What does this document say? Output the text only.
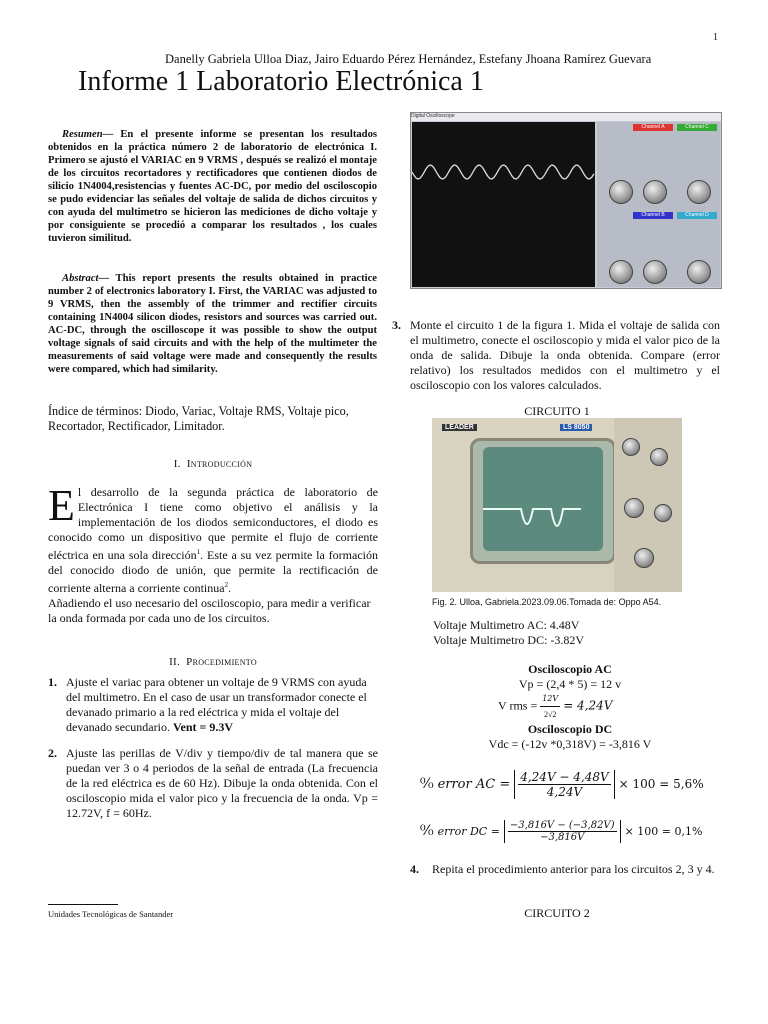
1
Danelly Gabriela Ulloa Diaz, Jairo Eduardo Pérez Hernández, Estefany Jhoana Ramírez Guevara
Informe 1 Laboratorio Electrónica 1
Resumen— En el presente informe se presentan los resultados obtenidos en la práctica número 2 de laboratorio de electrónica I. Primero se ajustó el VARIAC en 9 VRMS , después se realizó el montaje de los circuitos recortadores y rectificadores que contienen diodos de silicio 1N4004,resistencias y fuentes AC-DC, por medio del osciloscopio se pudo evidenciar las señales del voltaje de salida de dichos circuitos y con ayuda del multimetro se hicieron las mediciones de dicho voltaje y por consiguiente se procedió a comparar los resultados , los cuales tuvieron similitud.
Abstract— This report presents the results obtained in practice number 2 of electronics laboratory I. First, the VARIAC was adjusted to 9 VRMS, then the assembly of the trimmer and rectifier circuits containing 1N4004 silicon diodes, resistors and sources was carried out. AC-DC, through the oscilloscope it was possible to show the output voltage signals of said circuits and with the help of the multimeter the measurements of said voltage were made and consequently the results were compared, which had similarity.
Índice de términos: Diodo, Variac, Voltaje RMS, Voltaje pico, Recortador, Rectificador, Limitador.
I. Introducción
El desarrollo de la segunda práctica de laboratorio de Electrónica I tiene como objetivo el análisis y la implementación de los diodos semiconductores, el diodo es conocido como un dispositivo que permite el flujo de corriente eléctrica en una sola dirección$^1$. Este a su vez permite la formación del conocido diodo de unión, que permite la rectificación de corriente alterna a corriente continua$^2$.
Añadiendo el uso necesario del osciloscopio, para medir a verificar la onda formada por cada uno de los circuitos.
II. Procedimiento
1. Ajuste el variac para obtener un voltaje de 9 VRMS con ayuda del multimetro. En el caso de usar un transformador conecte el devanado primario a la red eléctrica y mida el voltaje del devanado secundario. Vent = 9.3V
2. Ajuste las perillas de V/div y tiempo/div de tal manera que se puedan ver 3 o 4 periodos de la señal de entrada (La frecuencia de la red eléctrica es de 60 Hz). Dibuje la onda obtenida. Con el osciloscopio mida el valor pico y la frecuencia de la onda. Vp = 12.72V, f = 60Hz.
Unidades Tecnológicas de Santander
Digital Oscilloscope
Channel A	Channel C
Channel B	Channel D
3. Monte el circuito 1 de la figura 1. Mida el voltaje de salida con el multimetro, conecte el osciloscopio y mida el valor pico de la onda de salida. Dibuje la onda obtenida. Compare (error relativo) los resultados medidos con el multimetro y el osciloscopio con los valores calculados.
CIRCUITO 1
LEADER	LS 8050
Fig. 2. Ulloa, Gabriela.2023.09.06.Tomada de: Oppo A54.
Voltaje Multimetro AC: 4.48V
Voltaje Multimetro DC: -3.82V
Osciloscopio AC
Vp = (2,4 * 5) = 12 v
V rms = $\frac{12V}{2√2} = 4,24V$
Osciloscopio DC
Vdc = (-12v *0,318V) = -3,816 V
⁰⁄₀ error AC = $\frac{4,24V - 4,48V}{4,24V} \times 100 = 5,6\%$
⁰⁄₀ error DC = $\frac{-3,816V - (-3,82V)}{-3,816V} \times 100 = 0,1\%$
4. Repita el procedimiento anterior para los circuitos 2, 3 y 4.
CIRCUITO 2
